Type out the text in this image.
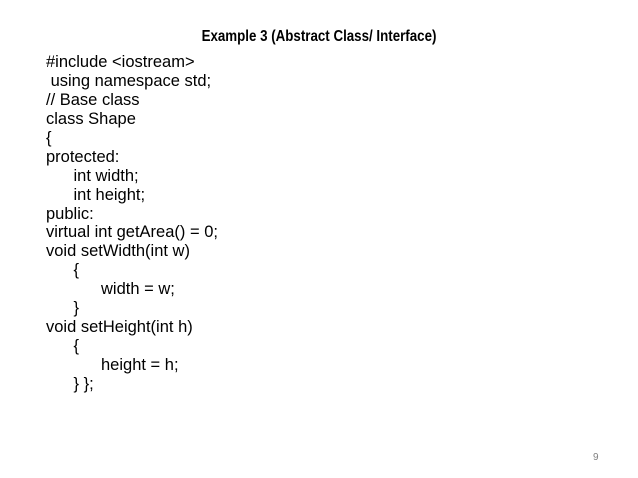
Example 3 (Abstract Class/ Interface)
#include <iostream>
using namespace std;
// Base class
class Shape
{
protected:
int width;
int height;
public:
virtual int getArea() = 0;
void setWidth(int w)
{
width = w;
}
void setHeight(int h)
{
height = h;
} };
9
